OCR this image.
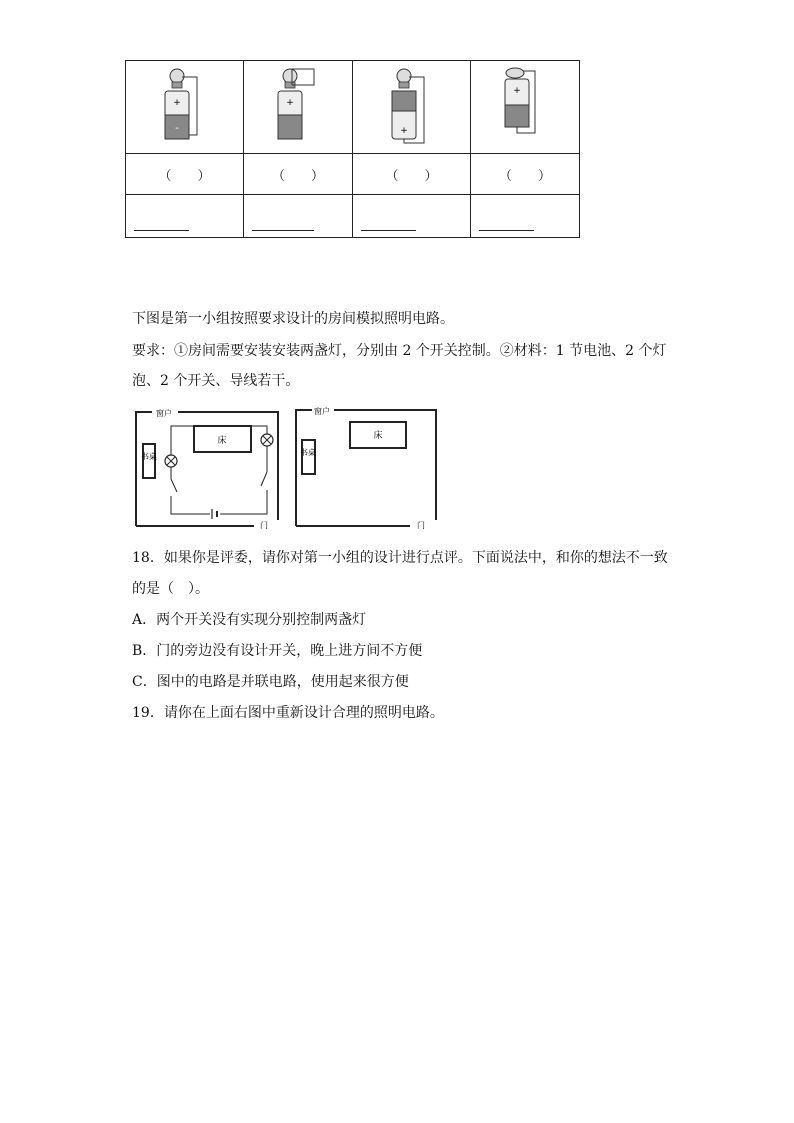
+
-	+	+	+

（　　）	（　　）	（　　）	（　　）

下图是第一小组按照要求设计的房间模拟照明电路。
要求：①房间需要安装安装两盏灯，分别由 2 个开关控制。②材料：1 节电池、2 个灯
泡、2 个开关、导线若干。
窗户
门
床
书桌
窗户
门
床
书桌
18．如果你是评委，请你对第一小组的设计进行点评。下面说法中，和你的想法不一致
的是（　）。
A．两个开关没有实现分别控制两盏灯
B．门的旁边没有设计开关，晚上进方间不方便
C．图中的电路是并联电路，使用起来很方便
19．请你在上面右图中重新设计合理的照明电路。
